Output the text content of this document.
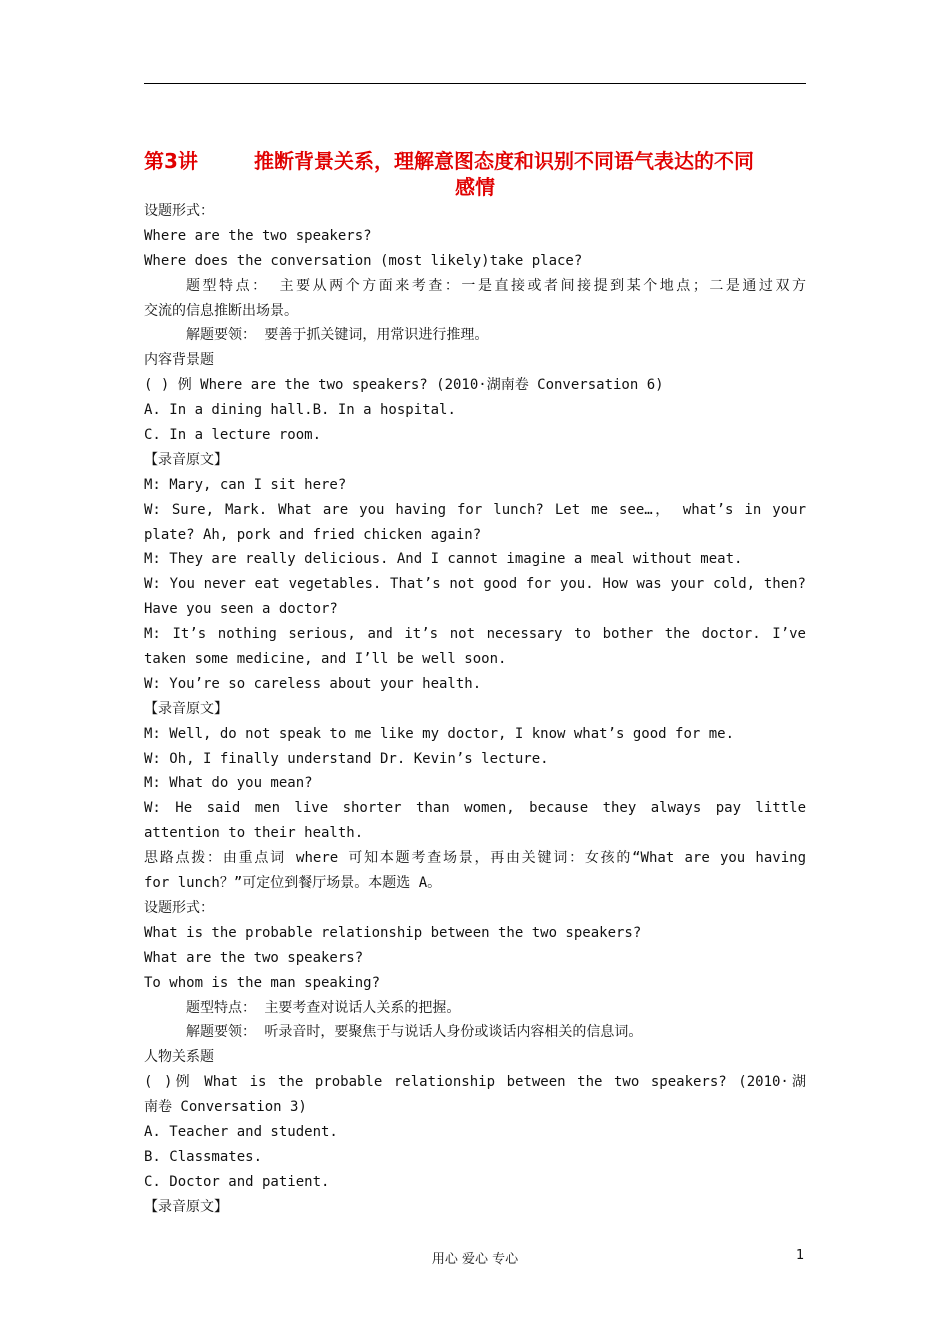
第3讲	推断背景关系，理解意图态度和识别不同语气表达的不同
感情
设题形式：
Where are the two speakers?
Where does the conversation (most likely)take place?
题型特点： 主要从两个方面来考查：一是直接或者间接提到某个地点；二是通过双方
交流的信息推断出场景。
解题要领： 要善于抓关键词，用常识进行推理。
内容背景题
( ) 例 Where are the two speakers? (2010·湖南卷 Conversation 6)
A. In a dining hall.B. In a hospital.
C. In a lecture room.
【录音原文】
M: Mary, can I sit here?
W: Sure, Mark. What are you having for lunch? Let me see…， what’s in your
plate? Ah, pork and fried chicken again?
M: They are really delicious. And I cannot imagine a meal without meat.
W: You never eat vegetables. That’s not good for you. How was your cold, then?
Have you seen a doctor?
M: It’s nothing serious, and it’s not necessary to bother the doctor. I’ve
taken some medicine, and I’ll be well soon.
W: You’re so careless about your health.
【录音原文】
M: Well, do not speak to me like my doctor, I know what’s good for me.
W: Oh, I finally understand Dr. Kevin’s lecture.
M: What do you mean?
W: He said men live shorter than women, because they always pay little
attention to their health.
思路点拨：由重点词 where 可知本题考查场景，再由关键词：女孩的“What are you having
for lunch？”可定位到餐厅场景。本题选 A。
设题形式：
What is the probable relationship between the two speakers?
What are the two speakers?
To whom is the man speaking?
题型特点： 主要考查对说话人关系的把握。
解题要领： 听录音时，要聚焦于与说话人身份或谈话内容相关的信息词。
人物关系题
( )例 What is the probable relationship between the two speakers? (2010·湖
南卷 Conversation 3)
A. Teacher and student.
B. Classmates.
C. Doctor and patient.
【录音原文】
用心 爱心 专心	1
